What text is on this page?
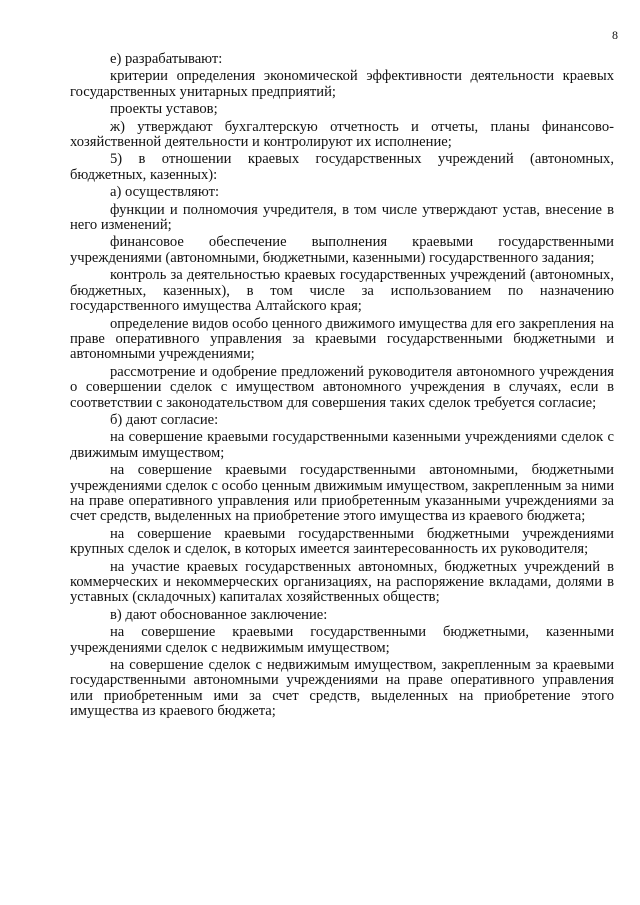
8

е) разрабатывают:

критерии определения экономической эффективности деятельности краевых государственных унитарных предприятий;

проекты уставов;

ж) утверждают бухгалтерскую отчетность и отчеты, планы финансово-хозяйственной деятельности и контролируют их исполнение;

5) в отношении краевых государственных учреждений (автономных, бюджетных, казенных):

а) осуществляют:

функции и полномочия учредителя, в том числе утверждают устав, внесение в него изменений;

финансовое обеспечение выполнения краевыми государственными учреждениями (автономными, бюджетными, казенными) государственного задания;

контроль за деятельностью краевых государственных учреждений (автономных, бюджетных, казенных), в том числе за использованием по назначению государственного имущества Алтайского края;

определение видов особо ценного движимого имущества для его закрепления на праве оперативного управления за краевыми государственными бюджетными и автономными учреждениями;

рассмотрение и одобрение предложений руководителя автономного учреждения о совершении сделок с имуществом автономного учреждения в случаях, если в соответствии с законодательством для совершения таких сделок требуется согласие;

б) дают согласие:

на совершение краевыми государственными казенными учреждениями сделок с движимым имуществом;

на совершение краевыми государственными автономными, бюджетными учреждениями сделок с особо ценным движимым имуществом, закрепленным за ними на праве оперативного управления или приобретенным указанными учреждениями за счет средств, выделенных на приобретение этого имущества из краевого бюджета;

на совершение краевыми государственными бюджетными учреждениями крупных сделок и сделок, в которых имеется заинтересованность их руководителя;

на участие краевых государственных автономных, бюджетных учреждений в коммерческих и некоммерческих организациях, на распоряжение вкладами, долями в уставных (складочных) капиталах хозяйственных обществ;

в) дают обоснованное заключение:

на совершение краевыми государственными бюджетными, казенными учреждениями сделок с недвижимым имуществом;

на совершение сделок с недвижимым имуществом, закрепленным за краевыми государственными автономными учреждениями на праве оперативного управления или приобретенным ими за счет средств, выделенных на приобретение этого имущества из краевого бюджета;
